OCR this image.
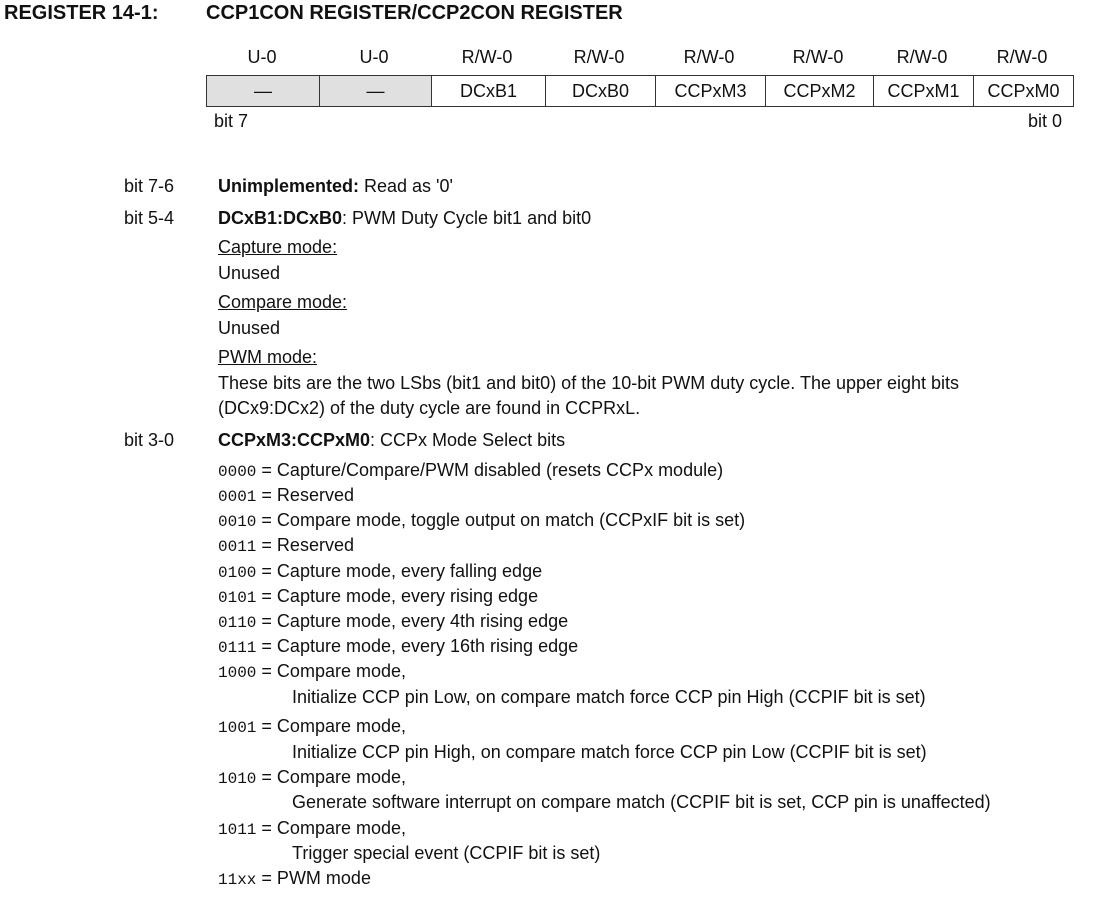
REGISTER 14-1: CCP1CON REGISTER/CCP2CON REGISTER
U-0	U-0	R/W-0	R/W-0	R/W-0	R/W-0	R/W-0	R/W-0
—	—	DCxB1	DCxB0	CCPxM3	CCPxM2	CCPxM1	CCPxM0
bit 7	bit 0
bit 7-6 Unimplemented: Read as '0'
bit 5-4 DCxB1:DCxB0: PWM Duty Cycle bit1 and bit0
Capture mode:
Unused
Compare mode:
Unused
PWM mode:
These bits are the two LSbs (bit1 and bit0) of the 10-bit PWM duty cycle. The upper eight bits
(DCx9:DCx2) of the duty cycle are found in CCPRxL.
bit 3-0 CCPxM3:CCPxM0: CCPx Mode Select bits
0000 = Capture/Compare/PWM disabled (resets CCPx module)
0001 = Reserved
0010 = Compare mode, toggle output on match (CCPxIF bit is set)
0011 = Reserved
0100 = Capture mode, every falling edge
0101 = Capture mode, every rising edge
0110 = Capture mode, every 4th rising edge
0111 = Capture mode, every 16th rising edge
1000 = Compare mode,
Initialize CCP pin Low, on compare match force CCP pin High (CCPIF bit is set)
1001 = Compare mode,
Initialize CCP pin High, on compare match force CCP pin Low (CCPIF bit is set)
1010 = Compare mode,
Generate software interrupt on compare match (CCPIF bit is set, CCP pin is unaffected)
1011 = Compare mode,
Trigger special event (CCPIF bit is set)
11xx = PWM mode
